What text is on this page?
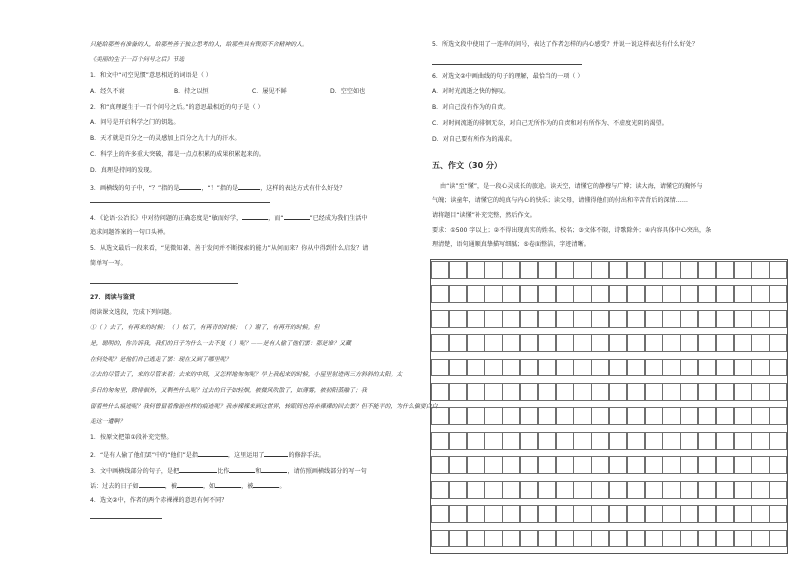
只能给那些有准备的人，给那些善于独立思考的人，给那些具有锲而不舍精神的人。
《美丽的生于一百个问号之后》节选
1．和文中“司空见惯”意思相近的词语是（ ）
A．经久不衰	B．持之以恒	C．屡见不鲜	D．空空如也
2．和“真理诞生于一百个问号之后。”的意思最相近的句子是（ ）
A．问号是开启科学之门的钥匙。
B．天才就是百分之一的灵感加上百分之九十九的汗水。
C．科学上的许多重大突破，都是一点点积累的成果积累起来的。
D．真理是持问的发现。
3．画横线的句子中，“？”指的是	，“！”指的是	，这样的表达方式有什么好处？
4．《论语·公冶长》中对待问题的正确态度是“敏而好学，	，而“	”已经成为我们生活中
追求问题答案的一句口头禅。
5．从选文最后一段来看，“见微知著、善于发问并不断探索的能力”从何而来？你从中得到什么启发？请
简单写一写。
27．阅读与鉴赏
阅读课文选段，完成下列问题。
①（ ）去了，有再来的时候；（ ）枯了，有再青的时候；（ ）谢了，有再开的时候。但
是，聪明的，你告诉我，我们的日子为什么一去不复（ ）呢？——是有人偷了他们罢：那是谁？又藏
在何处呢？是他们自己逃走了罢：现在又到了哪里呢？
②去的尽管去了，来的尽管来着；去来的中间，又怎样地匆匆呢？早上我起来的时候，小屋里射进两三方斜斜的太阳。太
多日的匆匆里，除徘徊外，又剩些什么呢？过去的日子如轻烟，被微风吹散了，如薄雾，被初阳蒸融了；我
留着些什么痕迹呢？我何曾留着像游丝样的痕迹呢？我赤裸裸来到这世界，转眼间也将赤裸裸的回去罢？但不能平的，为什么偏要白白
走这一遭啊？
1．按原文把第①段补充完整。
2．“是有人偷了他们罢”中的“他们”是指	，这里运用了	的修辞手法。
3．文中画横线部分的句子，是把	比作	和	，请仿照画横线部分的写一句
话：过去的日子如	，被	，如	，被	。
4．选文②中，作者的两个赤裸裸的意思有何不同？
5．所选文段中使用了一连串的问号，表达了作者怎样的内心感受？并说一说这样表达有什么好处？
6．对选文②中画曲线的句子的理解，最恰当的一项（ ）
A．对时光流逝之快的惋叹。
B．对自己没有作为的自责。
C．对时间流逝的徘徊无奈，对自己无所作为的自责和对有所作为、不虚度光阴的渴望。
D．对自己要有所作为的渴求。
五、作文（30 分）
由“读”至“懂”，是一段心灵成长的旅途。读天空，请懂它的静穆与广博；读大海，请懂它的胸怀与
气魄；读童年，请懂它的纯真与内心的快乐；读父母，请懂得他们的付出和辛苦背后的深情……
请将题目“读懂”补充完整，然后作文。
要求：①500 字以上；②不得出现真实的姓名、校名；③文体不限，诗歌除外；④内容具体中心突出，条
理清楚，语句通顺真挚描写细腻；⑤卷面整洁，字迹清晰。
